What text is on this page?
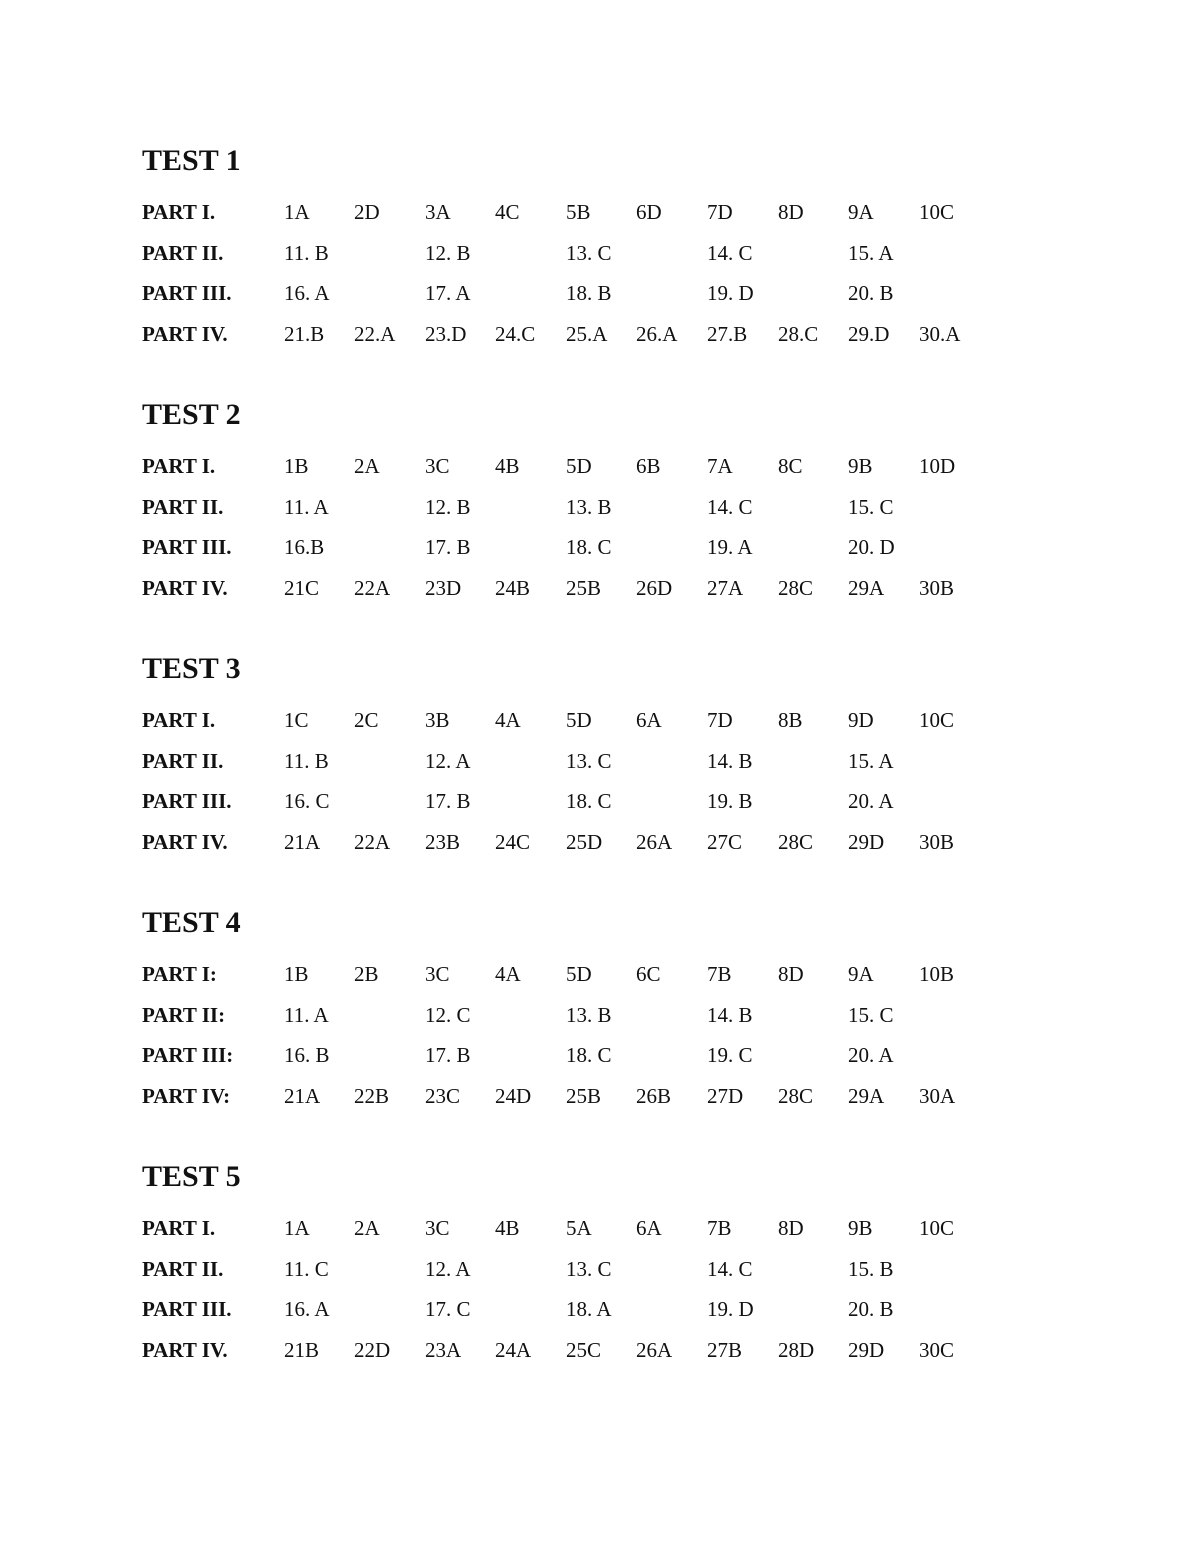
TEST 1
PART I.	1A 2D 3A 4C 5B 6D 7D 8D 9A 10C
PART II.	11. B	12. B	13. C	14. C	15. A
PART III. 16. A	17. A	18. B	19. D	20. B
PART IV.	21.B 22.A 23.D 24.C 25.A 26.A 27.B 28.C 29.D 30.A
TEST 2
PART I.	1B 2A 3C 4B 5D 6B 7A 8C 9B 10D
PART II.	11. A	12. B	13. B	14. C	15. C
PART III. 16.B	17. B	18. C	19. A	20. D
PART IV.	21C 22A 23D 24B 25B 26D 27A 28C 29A 30B
TEST 3
PART I.	1C 2C 3B 4A 5D 6A 7D 8B 9D 10C
PART II.	11. B	12. A	13. C	14. B	15. A
PART III. 16. C	17. B	18. C	19. B	20. A
PART IV.	21A 22A 23B 24C 25D 26A 27C 28C 29D 30B
TEST 4
PART I:	1B 2B 3C 4A 5D 6C 7B 8D 9A 10B
PART II:	11. A	12. C	13. B	14. B	15. C
PART III: 16. B	17. B	18. C	19. C	20. A
PART IV:	21A 22B 23C 24D 25B 26B 27D 28C 29A 30A
TEST 5
PART I.	1A 2A 3C 4B 5A 6A 7B 8D 9B 10C
PART II.	11. C	12. A	13. C	14. C	15. B
PART III. 16. A	17. C	18. A	19. D	20. B
PART IV.	21B 22D 23A 24A 25C 26A 27B 28D 29D 30C
